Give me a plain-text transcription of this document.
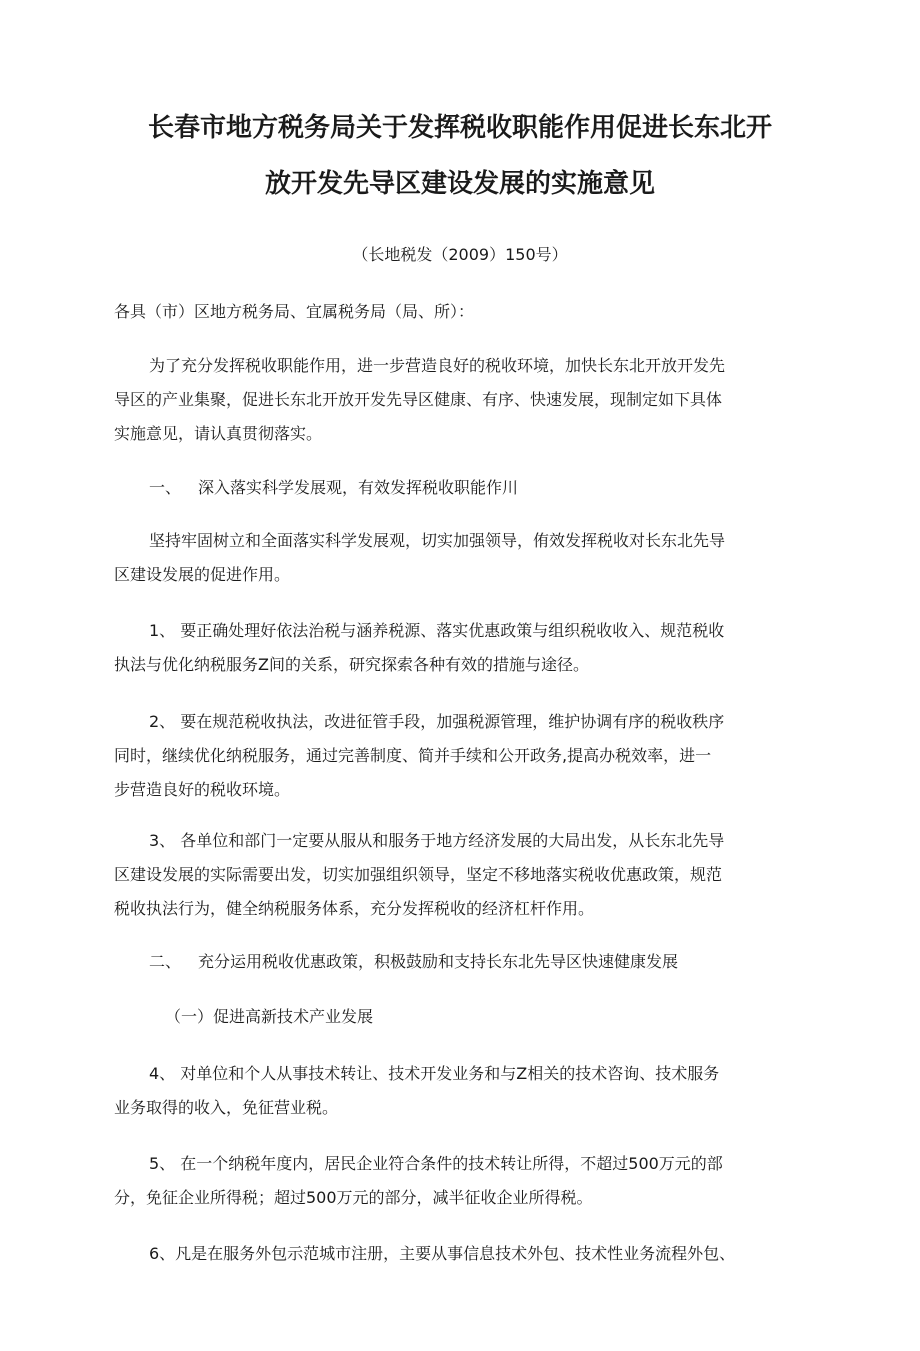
长春市地方税务局关于发挥税收职能作用促进长东北开
放开发先导区建设发展的实施意见
（长地税发（2009）150号）
各具（市）区地方税务局、宜属税务局（局、所）：
为了充分发挥税收职能作用，进一步营造良好的税收环境，加快长东北开放开发先
导区的产业集聚，促进长东北开放开发先导区健康、有序、快速发展，现制定如下具体
实施意见，请认真贯彻落实。
一、 深入落实科学发展观，有效发挥税收职能作川
坚持牢固树立和全面落实科学发展观，切实加强领导，侑效发挥税收对长东北先导
区建设发展的促进作用。
1、 要正确处理好依法治税与涵养税源、落实优惠政策与组织税收收入、规范税收
执法与优化纳税服务Z间的关系，研究探索各种有效的措施与途径。
2、 要在规范税收执法，改进征管手段，加强税源管理，维护协调有序的税收秩序
同时，继续优化纳税服务，通过完善制度、简并手续和公开政务,提高办税效率，进一
步营造良好的税收环境。
3、 各单位和部门一定要从服从和服务于地方经济发展的大局出发，从长东北先导
区建设发展的实际需要出发，切实加强组织领导，坚定不移地落实税收优惠政策，规范
税收执法行为，健全纳税服务体系，充分发挥税收的经济杠杆作用。
二、 充分运用税收优惠政策，积极鼓励和支持长东北先导区快速健康发展
（一）促进高新技术产业发展
4、 对单位和个人从事技术转让、技术开发业务和与Z相关的技术咨询、技术服务
业务取得的收入，免征营业税。
5、 在一个纳税年度内，居民企业符合条件的技术转让所得，不超过500万元的部
分，免征企业所得税；超过500万元的部分，减半征收企业所得税。
6、凡是在服务外包示范城市注册，主要从事信息技术外包、技术性业务流程外包、
